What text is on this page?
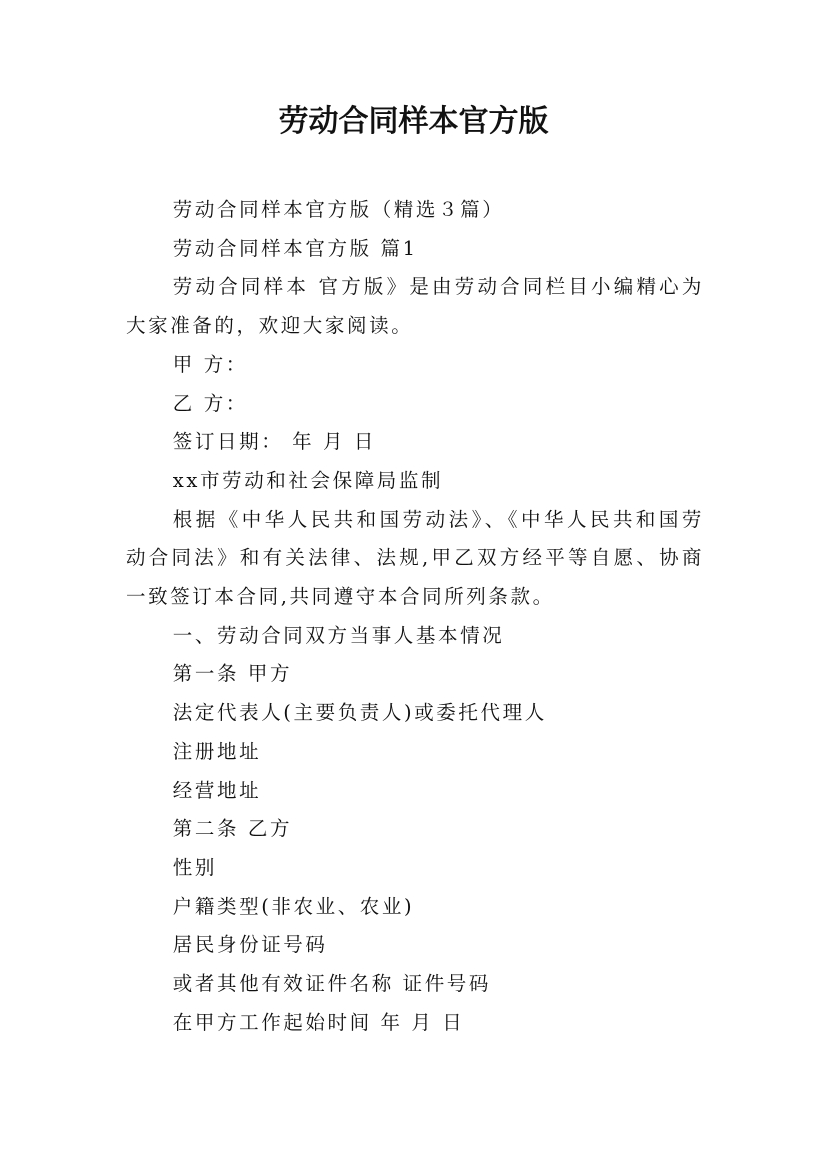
劳动合同样本官方版

劳动合同样本官方版（精选３篇）

劳动合同样本官方版 篇1

劳动合同样本 官方版》是由劳动合同栏目小编精心为大家准备的，欢迎大家阅读。

甲 方：

乙 方：

签订日期： 年 月 日

xx市劳动和社会保障局监制

根据《中华人民共和国劳动法》、《中华人民共和国劳动合同法》和有关法律、法规,甲乙双方经平等自愿、协商一致签订本合同,共同遵守本合同所列条款。

一、劳动合同双方当事人基本情况

第一条 甲方

法定代表人(主要负责人)或委托代理人

注册地址

经营地址

第二条 乙方

性别

户籍类型(非农业、农业)

居民身份证号码

或者其他有效证件名称 证件号码

在甲方工作起始时间 年 月 日
